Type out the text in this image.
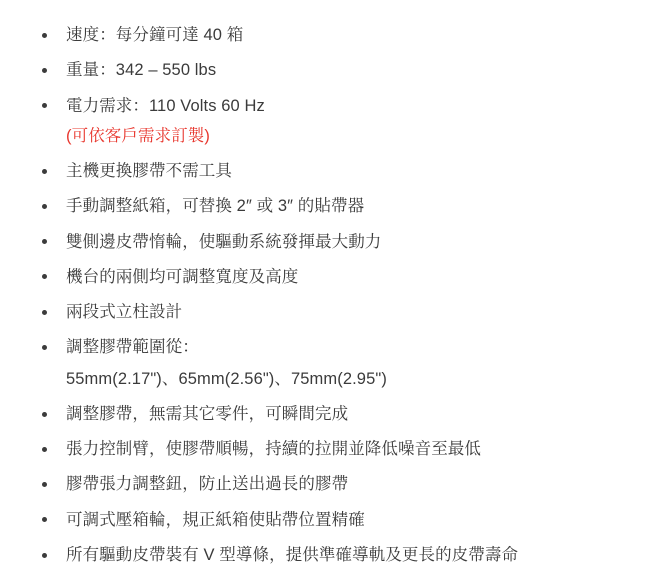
速度：每分鐘可達 40 箱
重量：342 – 550 lbs
電力需求：110 Volts 60 Hz
(可依客戶需求訂製)
主機更換膠帶不需工具
手動調整紙箱，可替換 2″ 或 3″ 的貼帶器
雙側邊皮帶惰輪，使驅動系統發揮最大動力
機台的兩側均可調整寬度及高度
兩段式立柱設計
調整膠帶範圍從：
55mm(2.17")、65mm(2.56")、75mm(2.95")
調整膠帶，無需其它零件，可瞬間完成
張力控制臂，使膠帶順暢，持續的拉開並降低噪音至最低
膠帶張力調整鈕，防止送出過長的膠帶
可調式壓箱輪，規正紙箱使貼帶位置精確
所有驅動皮帶裝有 V 型導條，提供準確導軌及更長的皮帶壽命
